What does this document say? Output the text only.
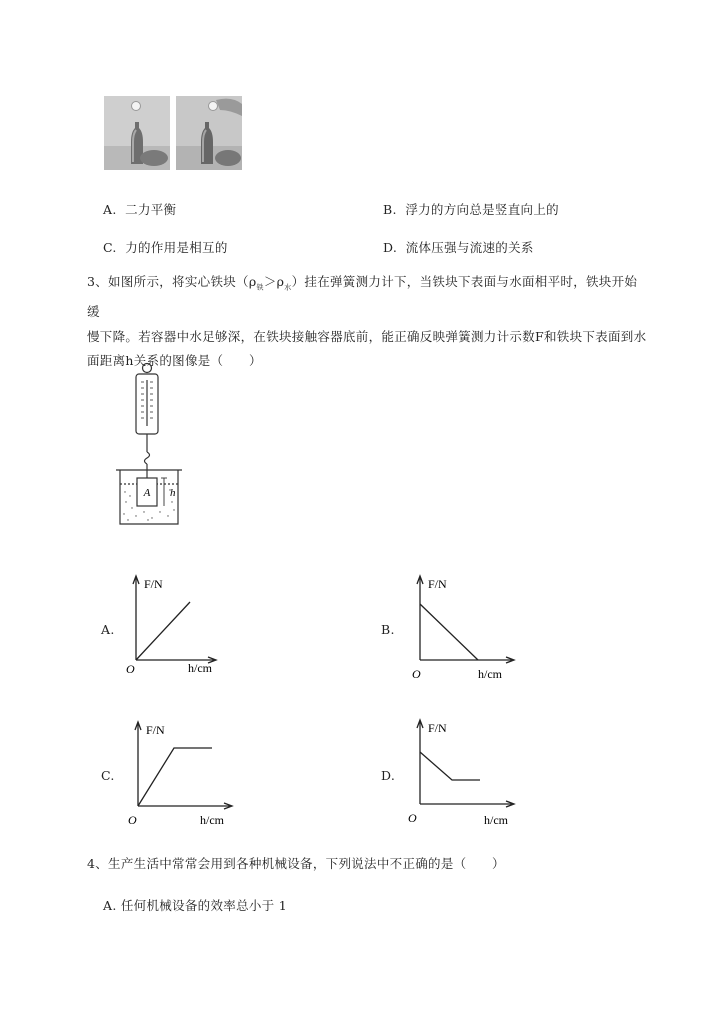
A. 二力平衡	B. 浮力的方向总是竖直向上的
C. 力的作用是相互的	D. 流体压强与流速的关系
3、如图所示，将实心铁块$(\rho_铁>\rho_水)$挂在弹簧测力计下，当铁块下表面与水面相平时，铁块开始缓
慢下降。若容器中水足够深，在铁块接触容器底前，能正确反映弹簧测力计示数F和铁块下表面到水
面距离h关系的图像是（　　）
A h
A.
F/N
h/cm
O
B.
F/N
h/cm
O
C.
F/N
h/cm
O
D.
F/N
h/cm
O
4、生产生活中常常会用到各种机械设备，下列说法中不正确的是（　　）
A. 任何机械设备的效率总小于 1
